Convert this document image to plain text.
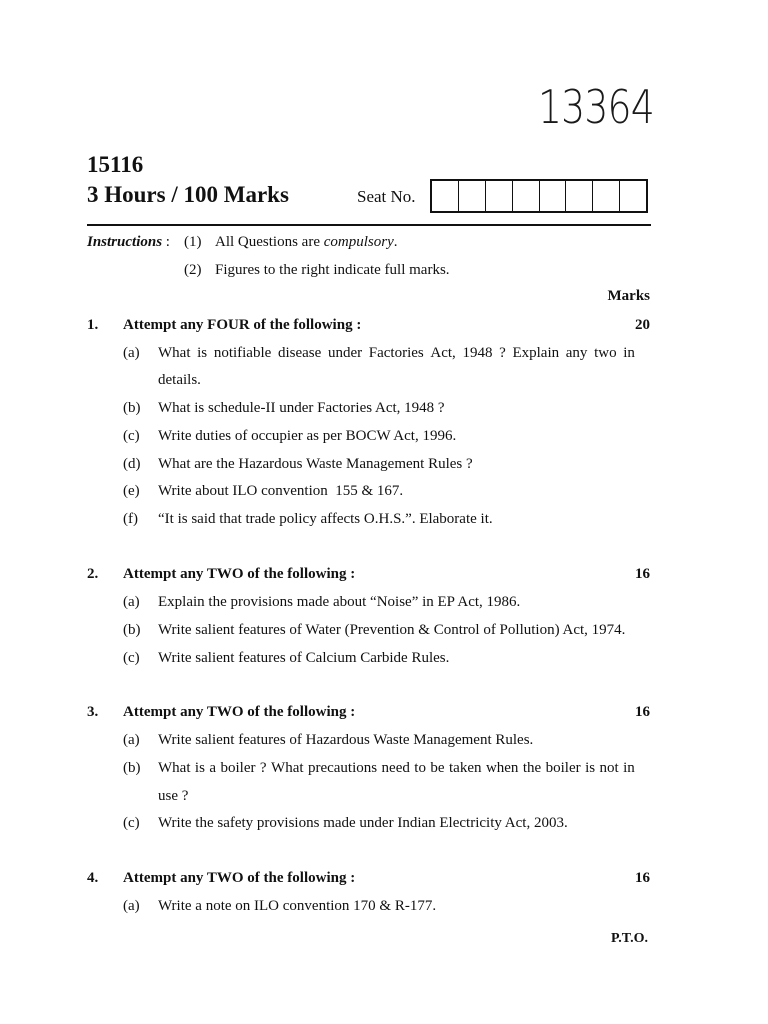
13364
15116
3 Hours / 100 Marks	Seat No.
Instructions : (1) All Questions are compulsory.
(2) Figures to the right indicate full marks.
Marks
1. Attempt any FOUR of the following :	20
(a) What is notifiable disease under Factories Act, 1948 ? Explain any two in
details.
(b) What is schedule-II under Factories Act, 1948 ?
(c) Write duties of occupier as per BOCW Act, 1996.
(d) What are the Hazardous Waste Management Rules ?
(e) Write about ILO convention  155 & 167.
(f) “It is said that trade policy affects O.H.S.”. Elaborate it.
2. Attempt any TWO of the following :	16
(a) Explain the provisions made about “Noise” in EP Act, 1986.
(b) Write salient features of Water (Prevention & Control of Pollution) Act, 1974.
(c) Write salient features of Calcium Carbide Rules.
3. Attempt any TWO of the following :	16
(a) Write salient features of Hazardous Waste Management Rules.
(b) What is a boiler ? What precautions need to be taken when the boiler is not in
use ?
(c) Write the safety provisions made under Indian Electricity Act, 2003.
4. Attempt any TWO of the following :	16
(a) Write a note on ILO convention 170 & R-177.
P.T.O.
